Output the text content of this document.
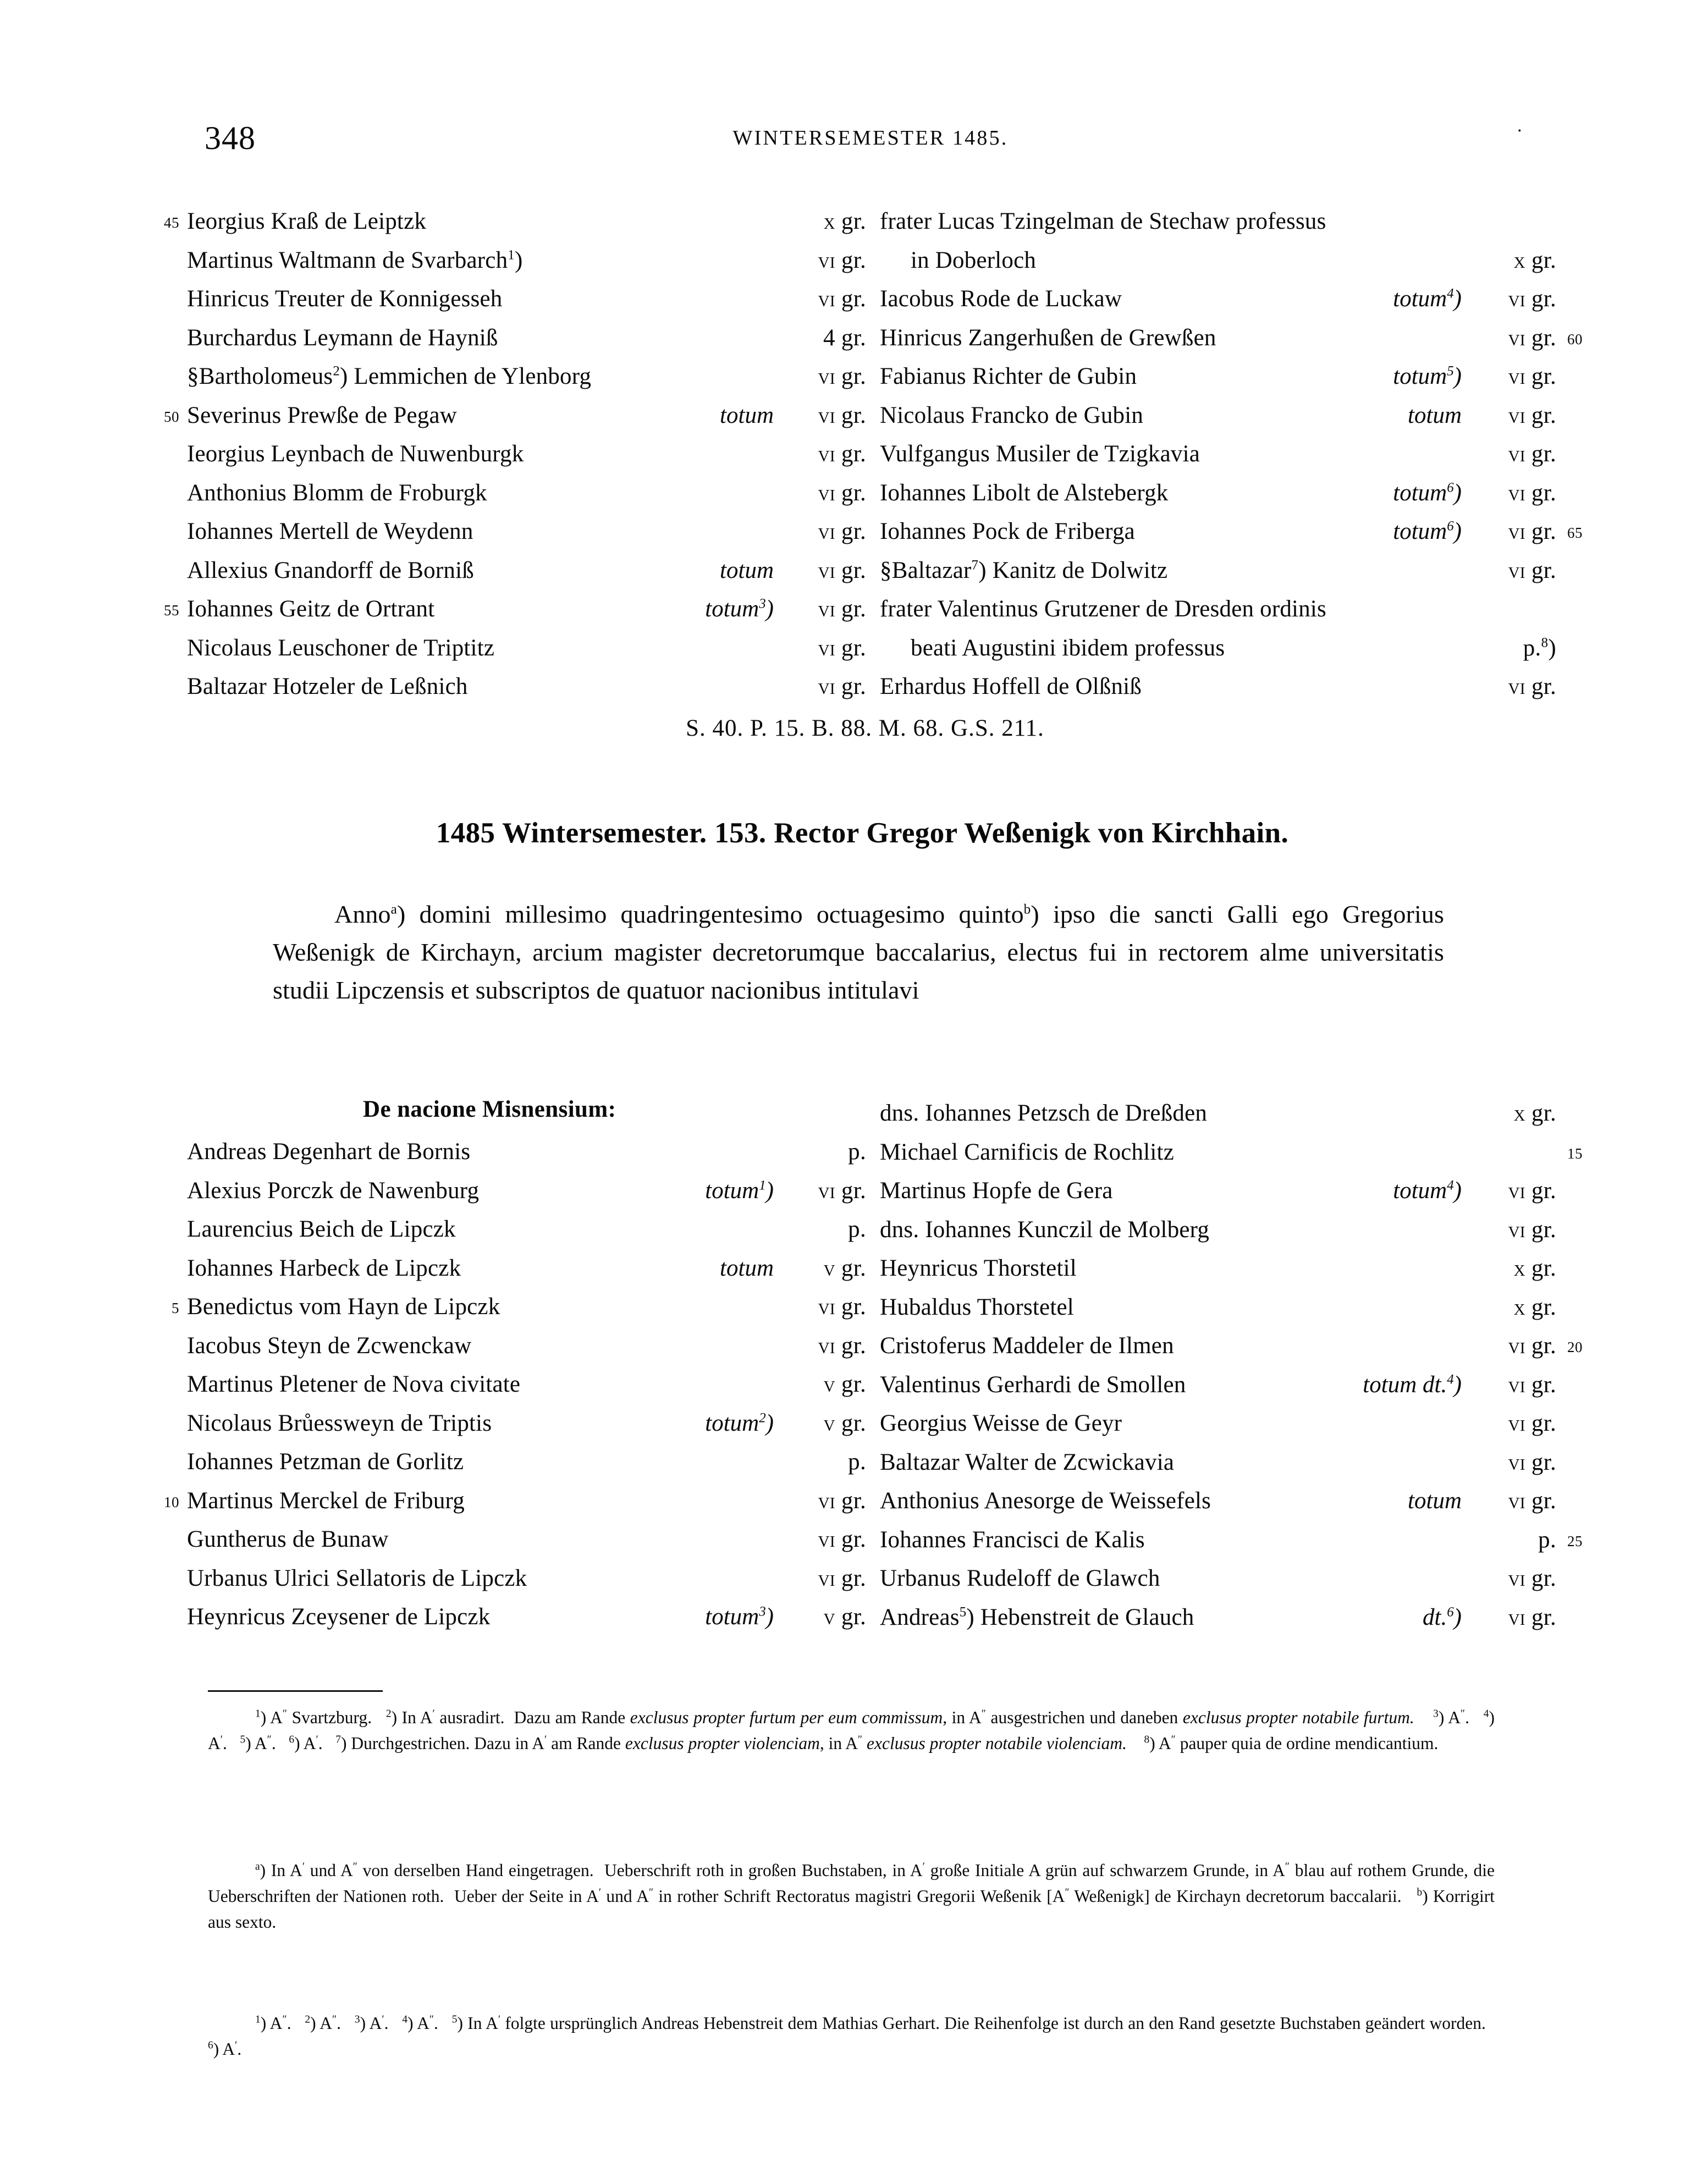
348	WINTERSEMESTER 1485.	˙
45 Ieorgius Kraß de Leiptzk	x gr.
Martinus Waltmann de Svarbarch$^1$)	vi gr.
Hinricus Treuter de Konnigesseh	vi gr.
Burchardus Leymann de Hayniß	4 gr.
§Bartholomeus$^2$) Lemmichen de Ylenborg	vi gr.
50 Severinus Prewße de Pegaw	totum vi gr.
Ieorgius Leynbach de Nuwenburgk	vi gr.
Anthonius Blomm de Froburgk	vi gr.
Iohannes Mertell de Weydenn	vi gr.
Allexius Gnandorff de Borniß	totum vi gr.
55 Iohannes Geitz de Ortrant	totum$^3$) vi gr.
Nicolaus Leuschoner de Triptitz	vi gr.
Baltazar Hotzeler de Leßnich	vi gr.
frater Lucas Tzingelman de Stechaw professus
in Doberloch	x gr.
Iacobus Rode de Luckaw	totum$^4$) vi gr.
60
Hinricus Zangerhußen de Grewßen	vi gr.
Fabianus Richter de Gubin	totum$^5$) vi gr.
Nicolaus Francko de Gubin	totum vi gr.
Vulfgangus Musiler de Tzigkavia	vi gr.
Iohannes Libolt de Alstebergk	totum$^6$) vi gr.
65
Iohannes Pock de Friberga	totum$^6$) vi gr.
§Baltazar$^7$) Kanitz de Dolwitz	vi gr.
frater Valentinus Grutzener de Dresden ordinis
beati Augustini ibidem professus	p.$^8$)
Erhardus Hoffell de Olßniß	vi gr.
S. 40. P. 15. B. 88. M. 68. G.S. 211.
1485 Wintersemester. 153. Rector Gregor Weßenigk von Kirchhain.
Anno$^a$) domini millesimo quadringentesimo octuagesimo quinto$^b$) ipso die sancti Galli ego Gregorius Weßenigk de Kirchayn, arcium magister decretorumque baccalarius, electus fui in rectorem alme universitatis studii Lipczensis et subscriptos de quatuor nacionibus intitulavi
De nacione Misnensium:
Andreas Degenhart de Bornis	p.
Alexius Porczk de Nawenburg	totum$^1$) vi gr.
Laurencius Beich de Lipczk	p.
Iohannes Harbeck de Lipczk	totum v gr.
5 Benedictus vom Hayn de Lipczk	vi gr.
Iacobus Steyn de Zcwenckaw	vi gr.
Martinus Pletener de Nova civitate	v gr.
Nicolaus Brůessweyn de Triptis	totum$^2$) v gr.
Iohannes Petzman de Gorlitz	p.
10 Martinus Merckel de Friburg	vi gr.
Guntherus de Bunaw	vi gr.
Urbanus Ulrici Sellatoris de Lipczk	vi gr.
Heynricus Zceysener de Lipczk	totum$^3$) v gr.
dns. Iohannes Petzsch de Dreßden	x gr.
15
Michael Carnificis de Rochlitz
Martinus Hopfe de Gera	totum$^4$) vi gr.
dns. Iohannes Kunczil de Molberg	vi gr.
Heynricus Thorstetil	x gr.
Hubaldus Thorstetel	x gr.
20
Cristoferus Maddeler de Ilmen	vi gr.
Valentinus Gerhardi de Smollen	totum dt.$^4$) vi gr.
Georgius Weisse de Geyr	vi gr.
Baltazar Walter de Zcwickavia	vi gr.
Anthonius Anesorge de Weissefels	totum vi gr.
25
Iohannes Francisci de Kalis	p.
Urbanus Rudeloff de Glawch	vi gr.
Andreas$^5$) Hebenstreit de Glauch	dt.$^6$) vi gr.
$^1$) A″ Svartzburg.   $^2$) In A′ ausradirt.  Dazu am Rande exclusus propter furtum per eum commissum, in A″ ausgestrichen und daneben exclusus propter notabile furtum. $^3$) A″.   $^4$) A′.   $^5$) A″.   $^6$) A′.   $^7$) Durchgestrichen. Dazu in A′ am Rande exclusus propter violenciam, in A″ exclusus propter notabile violenciam. $^8$) A″ pauper quia de ordine mendicantium.
$^a$) In A′ und A″ von derselben Hand eingetragen.  Ueberschrift roth in großen Buchstaben, in A′ große Initiale A grün auf schwarzem Grunde, in A″ blau auf rothem Grunde, die Ueberschriften der Nationen roth.  Ueber der Seite in A′ und A″ in rother Schrift Rectoratus magistri Gregorii Weßenik [A″ Weßenigk] de Kirchayn decretorum baccalarii.   $^b$) Korrigirt aus sexto.
$^1$) A″.   $^2$) A″.   $^3$) A′.   $^4$) A″.   $^5$) In A′ folgte ursprünglich Andreas Hebenstreit dem Mathias Gerhart. Die Reihenfolge ist durch an den Rand gesetzte Buchstaben geändert worden.   $^6$) A′.
